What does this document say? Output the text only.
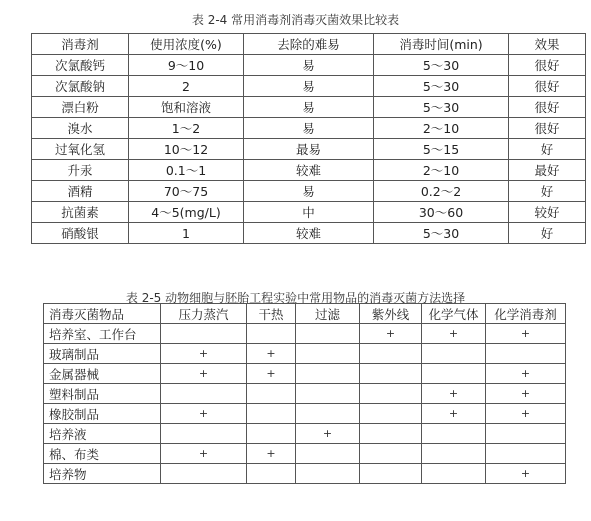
表 2-4 常用消毒剂消毒灭菌效果比较表
消毒剂	使用浓度(%)	去除的难易	消毒时间(min)	效果
次氯酸钙	9～10	易	5～30	很好
次氯酸钠	2	易	5～30	很好
漂白粉	饱和溶液	易	5～30	很好
溴水	1～2	易	2～10	很好
过氧化氢	10～12	最易	5～15	好
升汞	0.1～1	较难	2～10	最好
酒精	70～75	易	0.2～2	好
抗菌素	4～5(mg/L)	中	30～60	较好
硝酸银	1	较难	5～30	好
表 2-5 动物细胞与胚胎工程实验中常用物品的消毒灭菌方法选择
消毒灭菌物品	压力蒸汽	干热	过滤	紫外线	化学气体	化学消毒剂
培养室、工作台				+	+	+
玻璃制品	+	+				
金属器械	+	+				+
塑料制品					+	+
橡胶制品	+				+	+
培养液			+			
棉、布类	+	+				
培养物						+
